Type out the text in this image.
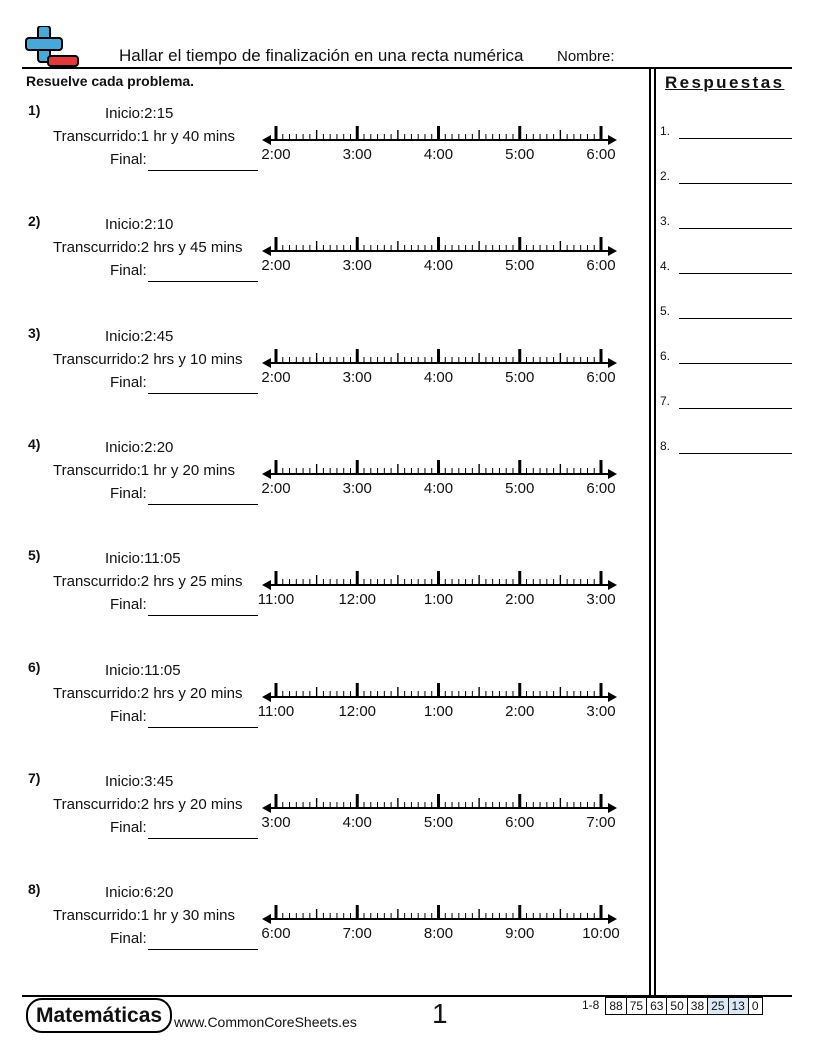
Hallar el tiempo de finalización en una recta numérica Nombre:
Resuelve cada problema.	Respuestas
1.
2.
3.
4.
5.
6.
7.
8.
1)	Inicio:2:15
Transcurrido:1 hr y 40 mins
Final:	2:00	3:00	4:00	5:00	6:00
2)	Inicio:2:10
Transcurrido:2 hrs y 45 mins
Final:	2:00	3:00	4:00	5:00	6:00
3)	Inicio:2:45
Transcurrido:2 hrs y 10 mins
Final:	2:00	3:00	4:00	5:00	6:00
4)	Inicio:2:20
Transcurrido:1 hr y 20 mins
Final:	2:00	3:00	4:00	5:00	6:00
5)	Inicio:11:05
Transcurrido:2 hrs y 25 mins
Final:	11:00	12:00	1:00	2:00	3:00
6)	Inicio:11:05
Transcurrido:2 hrs y 20 mins
Final:	11:00	12:00	1:00	2:00	3:00
7)	Inicio:3:45
Transcurrido:2 hrs y 20 mins
Final:	3:00	4:00	5:00	6:00	7:00
8)	Inicio:6:20
Transcurrido:1 hr y 30 mins
Final:	6:00	7:00	8:00	9:00	10:00
Matemáticas www.CommonCoreSheets.es	1	1-8 88 75 63 50 38 25 13 0
